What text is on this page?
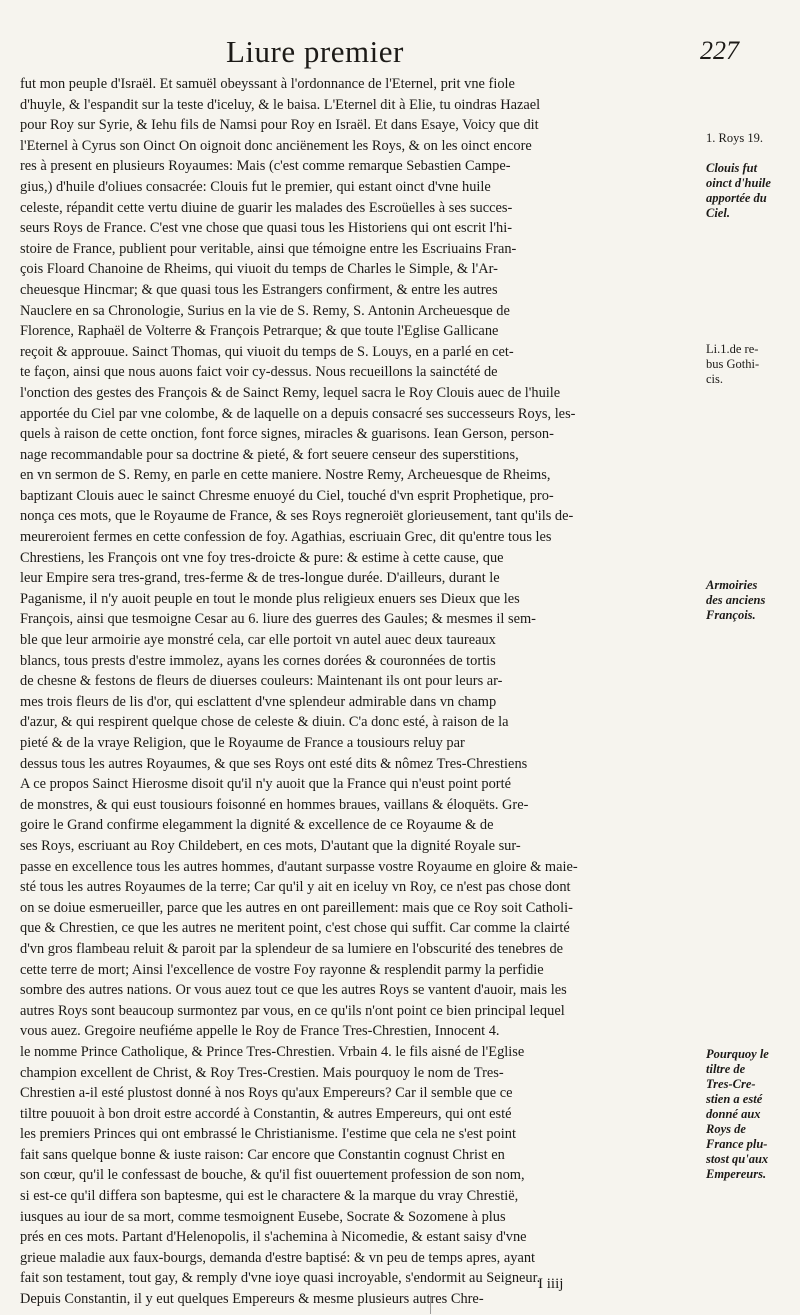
Liure premier	227
fut mon peuple d'Israël. Et samuël obeyssant à l'ordonnance de l'Eternel, prit vne fiole
d'huyle, & l'espandit sur la teste d'iceluy, & le baisa. L'Eternel dit à Elie, tu oindras Hazael
pour Roy sur Syrie, & Iehu fils de Namsi pour Roy en Israël. Et dans Esaye, Voicy que dit
l'Eternel à Cyrus son Oinct On oignoit donc anciënement les Roys, & on les oinct encore
res à present en plusieurs Royaumes: Mais (c'est comme remarque Sebastien Campe-
gius,) d'huile d'oliues consacrée: Clouis fut le premier, qui estant oinct d'vne huile
celeste, répandit cette vertu diuine de guarir les malades des Escroüelles à ses succes-
seurs Roys de France. C'est vne chose que quasi tous les Historiens qui ont escrit l'hi-
stoire de France, publient pour veritable, ainsi que témoigne entre les Escriuains Fran-
çois Floard Chanoine de Rheims, qui viuoit du temps de Charles le Simple, & l'Ar-
cheuesque Hincmar; & que quasi tous les Estrangers confirment, & entre les autres
Nauclere en sa Chronologie, Surius en la vie de S. Remy, S. Antonin Archeuesque de
Florence, Raphaël de Volterre & François Petrarque; & que toute l'Eglise Gallicane
reçoit & approuue. Sainct Thomas, qui viuoit du temps de S. Louys, en a parlé en cet-
te façon, ainsi que nous auons faict voir cy-dessus. Nous recueillons la sainctété de
l'onction des gestes des François & de Sainct Remy, lequel sacra le Roy Clouis auec de l'huile
apportée du Ciel par vne colombe, & de laquelle on a depuis consacré ses successeurs Roys, les-
quels à raison de cette onction, font force signes, miracles & guarisons. Iean Gerson, person-
nage recommandable pour sa doctrine & pieté, & fort seuere censeur des superstitions,
en vn sermon de S. Remy, en parle en cette maniere. Nostre Remy, Archeuesque de Rheims,
baptizant Clouis auec le sainct Chresme enuoyé du Ciel, touché d'vn esprit Prophetique, pro-
nonça ces mots, que le Royaume de France, & ses Roys regneroiët glorieusement, tant qu'ils de-
meureroient fermes en cette confession de foy. Agathias, escriuain Grec, dit qu'entre tous les
Chrestiens, les François ont vne foy tres-droicte & pure: & estime à cette cause, que
leur Empire sera tres-grand, tres-ferme & de tres-longue durée. D'ailleurs, durant le
Paganisme, il n'y auoit peuple en tout le monde plus religieux enuers ses Dieux que les
François, ainsi que tesmoigne Cesar au 6. liure des guerres des Gaules; & mesmes il sem-
ble que leur armoirie aye monstré cela, car elle portoit vn autel auec deux taureaux
blancs, tous prests d'estre immolez, ayans les cornes dorées & couronnées de tortis
de chesne & festons de fleurs de diuerses couleurs: Maintenant ils ont pour leurs ar-
mes trois fleurs de lis d'or, qui esclattent d'vne splendeur admirable dans vn champ
d'azur, & qui respirent quelque chose de celeste & diuin. C'a donc esté, à raison de la
pieté & de la vraye Religion, que le Royaume de France a tousiours reluy par
dessus tous les autres Royaumes, & que ses Roys ont esté dits & nômez Tres-Chrestiens
A ce propos Sainct Hierosme disoit qu'il n'y auoit que la France qui n'eust point porté
de monstres, & qui eust tousiours foisonné en hommes braues, vaillans & éloquëts. Gre-
goire le Grand confirme elegamment la dignité & excellence de ce Royaume & de
ses Roys, escriuant au Roy Childebert, en ces mots, D'autant que la dignité Royale sur-
passe en excellence tous les autres hommes, d'autant surpasse vostre Royaume en gloire & maie-
sté tous les autres Royaumes de la terre; Car qu'il y ait en iceluy vn Roy, ce n'est pas chose dont
on se doiue esmerueiller, parce que les autres en ont pareillement: mais que ce Roy soit Catholi-
que & Chrestien, ce que les autres ne meritent point, c'est chose qui suffit. Car comme la clairté
d'vn gros flambeau reluit & paroit par la splendeur de sa lumiere en l'obscurité des tenebres de
cette terre de mort; Ainsi l'excellence de vostre Foy rayonne & resplendit parmy la perfidie
sombre des autres nations. Or vous auez tout ce que les autres Roys se vantent d'auoir, mais les
autres Roys sont beaucoup surmontez par vous, en ce qu'ils n'ont point ce bien principal lequel
vous auez. Gregoire neufiéme appelle le Roy de France Tres-Chrestien, Innocent 4.
le nomme Prince Catholique, & Prince Tres-Chrestien. Vrbain 4. le fils aisné de l'Eglise
champion excellent de Christ, & Roy Tres-Crestien. Mais pourquoy le nom de Tres-
Chrestien a-il esté plustost donné à nos Roys qu'aux Empereurs? Car il semble que ce
tiltre pouuoit à bon droit estre accordé à Constantin, & autres Empereurs, qui ont esté
les premiers Princes qui ont embrassé le Christianisme. I'estime que cela ne s'est point
fait sans quelque bonne & iuste raison: Car encore que Constantin cognust Christ en
son cœur, qu'il le confessast de bouche, & qu'il fist ouuertement profession de son nom,
si est-ce qu'il differa son baptesme, qui est le charactere & la marque du vray Chrestië,
iusques au iour de sa mort, comme tesmoignent Eusebe, Socrate & Sozomene à plus
prés en ces mots. Partant d'Helenopolis, il s'achemina à Nicomedie, & estant saisy d'vne
grieue maladie aux faux-bourgs, demanda d'estre baptisé: & vn peu de temps apres, ayant
fait son testament, tout gay, & remply d'vne ioye quasi incroyable, s'endormit au Seigneur.
Depuis Constantin, il y eut quelques Empereurs & mesme plusieurs autres Chre-
1. Roys 19.
Clouis fut
oinct d'huile
apportée du
Ciel.
Li.1.de re-
bus Gothi-
cis.
Armoiries
des anciens
François.
Pourquoy le
tiltre de
Tres-Cre-
stien a esté
donné aux
Roys de
France plu-
stost qu'aux
Empereurs.
I iiij
